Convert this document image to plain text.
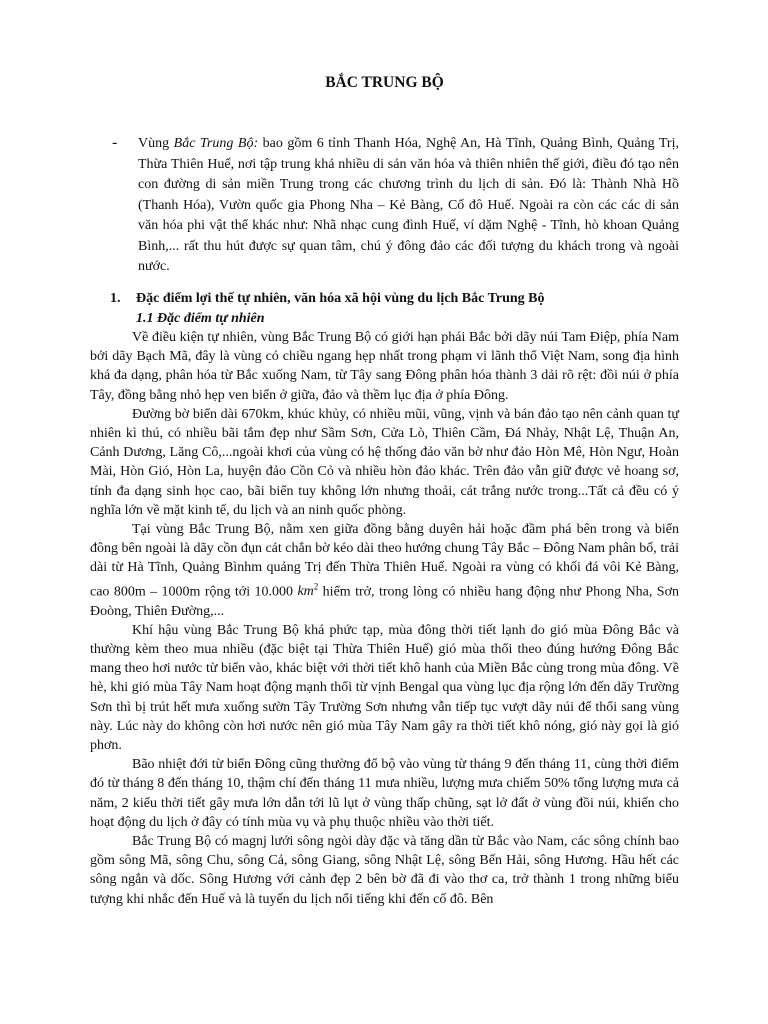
BẮC TRUNG BỘ
- Vùng Bắc Trung Bộ: bao gồm 6 tỉnh Thanh Hóa, Nghệ An, Hà Tĩnh, Quảng Bình, Quảng Trị, Thừa Thiên Huế, nơi tập trung khá nhiều di sản văn hóa và thiên nhiên thế giới, điều đó tạo nên con đường di sản miền Trung trong các chương trình du lịch di sản. Đó là: Thành Nhà Hồ (Thanh Hóa), Vườn quốc gia Phong Nha – Kẻ Bàng, Cố đô Huế. Ngoài ra còn các các di sản văn hóa phi vật thể khác như: Nhã nhạc cung đình Huế, ví dặm Nghệ - Tĩnh, hò khoan Quảng Bình,... rất thu hút được sự quan tâm, chú ý đông đảo các đối tượng du khách trong và ngoài nước.
1. Đặc điểm lợi thế tự nhiên, văn hóa xã hội vùng du lịch Bắc Trung Bộ
1.1 Đặc điểm tự nhiên

Về điều kiện tự nhiên, vùng Bắc Trung Bộ có giới hạn phái Bắc bởi dãy núi Tam Điệp, phía Nam bởi dãy Bạch Mã, đây là vùng có chiều ngang hẹp nhất trong phạm vi lãnh thổ Việt Nam, song địa hình khá đa dạng, phân hóa từ Bắc xuống Nam, từ Tây sang Đông phân hóa thành 3 dải rõ rệt: đồi núi ở phía Tây, đồng bằng nhỏ hẹp ven biển ở giữa, đảo và thềm lục địa ở phía Đông.

Đường bờ biển dài 670km, khúc khủy, có nhiều mũi, vũng, vịnh và bán đảo tạo nên cảnh quan tự nhiên kì thú, có nhiều bãi tắm đẹp như Sầm Sơn, Cửa Lò, Thiên Cầm, Đá Nhảy, Nhật Lệ, Thuận An, Cảnh Dương, Lăng Cô,...ngoài khơi của vùng có hệ thống đảo văn bờ như đảo Hòn Mê, Hòn Ngư, Hoàn Mài, Hòn Gió, Hòn La, huyện đảo Cồn Cỏ và nhiều hòn đảo khác. Trên đảo vẫn giữ được vẻ hoang sơ, tính đa dạng sinh học cao, bãi biển tuy không lớn nhưng thoải, cát trắng nước trong...Tất cả đều có ý nghĩa lớn về mặt kinh tế, du lịch và an ninh quốc phòng.

Tại vùng Bắc Trung Bộ, nằm xen giữa đồng bằng duyên hải hoặc đầm phá bên trong và biển đông bên ngoài là dãy cồn đụn cát chắn bờ kéo dài theo hướng chung Tây Bắc – Đông Nam phân bố, trải dài từ Hà Tĩnh, Quảng Bìnhm quảng Trị đến Thừa Thiên Huế. Ngoài ra vùng có khối đá vôi Kẻ Bàng, cao 800m – 1000m rộng tới 10.000 $km^2$ hiểm trở, trong lòng có nhiều hang động như Phong Nha, Sơn Đoòng, Thiên Đường,...

Khí hậu vùng Bắc Trung Bộ khá phức tạp, mùa đông thời tiết lạnh do gió mùa Đông Bắc và thường kèm theo mua nhiều (đặc biệt tại Thừa Thiên Huế) gió mùa thổi theo đúng hướng Đông Bắc mang theo hơi nước từ biển vào, khác biệt với thời tiết khô hanh của Miền Bắc cùng trong mùa đông. Về hè, khi gió mùa Tây Nam hoạt động mạnh thổi từ vịnh Bengal qua vùng lục địa rộng lớn đến dãy Trường Sơn thì bị trút hết mưa xuống sườn Tây Trường Sơn nhưng vẫn tiếp tục vượt dãy núi để thổi sang vùng này. Lúc này do không còn hơi nước nên gió mùa Tây Nam gây ra thời tiết khô nóng, gió này gọi là gió phơn.

Bão nhiệt đới từ biển Đông cũng thường đổ bộ vào vùng từ tháng 9 đến tháng 11, cùng thời điểm đó từ tháng 8 đến tháng 10, thậm chí đến tháng 11 mưa nhiều, lượng mưa chiếm 50% tổng lượng mưa cả năm, 2 kiểu thời tiết gây mưa lớn dẫn tới lũ lụt ở vùng thấp chũng, sạt lở đất ở vùng đồi núi, khiến cho hoạt động du lịch ở đây có tính mùa vụ và phụ thuộc nhiều vào thời tiết.

Bắc Trung Bộ có magnj lưới sông ngòi dày đặc và tăng dần từ Bắc vào Nam, các sông chính bao gồm sông Mã, sông Chu, sông Cả, sông Giang, sông Nhật Lệ, sông Bến Hải, sông Hương. Hầu hết các sông ngắn và dốc. Sông Hương với cảnh đẹp 2 bên bờ đã đi vào thơ ca, trở thành 1 trong những biểu tượng khi nhắc đến Huế và là tuyến du lịch nổi tiếng khi đến cố đô. Bên
